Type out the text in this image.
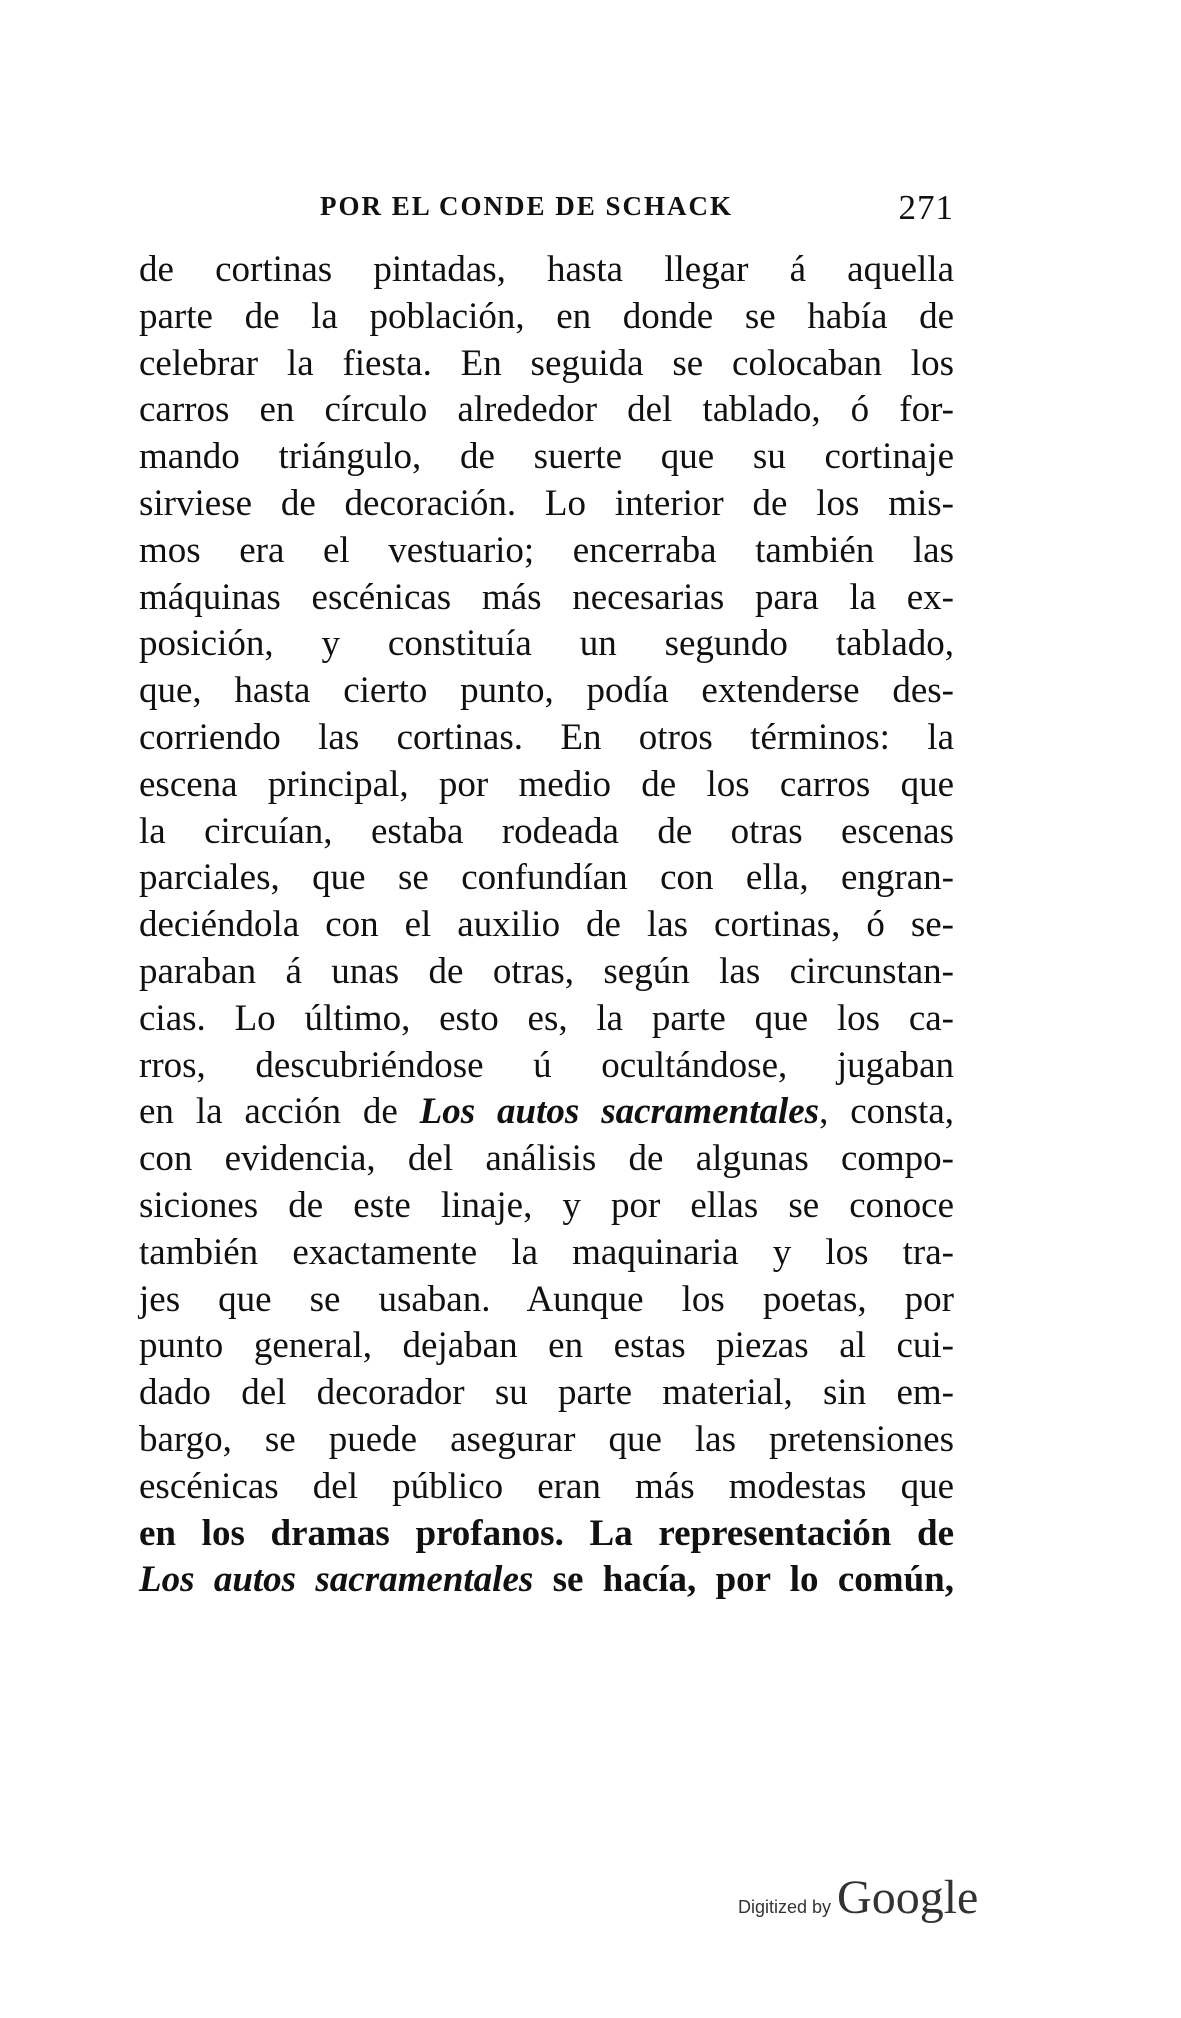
POR EL CONDE DE SCHACK	271
de cortinas pintadas, hasta llegar á aquella
parte de la población, en donde se había de
celebrar la fiesta. En seguida se colocaban los
carros en círculo alrededor del tablado, ó for-
mando triángulo, de suerte que su cortinaje
sirviese de decoración. Lo interior de los mis-
mos era el vestuario; encerraba también las
máquinas escénicas más necesarias para la ex-
posición, y constituía un segundo tablado,
que, hasta cierto punto, podía extenderse des-
corriendo las cortinas. En otros términos: la
escena principal, por medio de los carros que
la circuían, estaba rodeada de otras escenas
parciales, que se confundían con ella, engran-
deciéndola con el auxilio de las cortinas, ó se-
paraban á unas de otras, según las circunstan-
cias. Lo último, esto es, la parte que los ca-
rros, descubriéndose ú ocultándose, jugaban
en la acción de Los autos sacramentales, consta,
con evidencia, del análisis de algunas compo-
siciones de este linaje, y por ellas se conoce
también exactamente la maquinaria y los tra-
jes que se usaban. Aunque los poetas, por
punto general, dejaban en estas piezas al cui-
dado del decorador su parte material, sin em-
bargo, se puede asegurar que las pretensiones
escénicas del público eran más modestas que
en los dramas profanos. La representación de
Los autos sacramentales se hacía, por lo común,
Digitized by Google
